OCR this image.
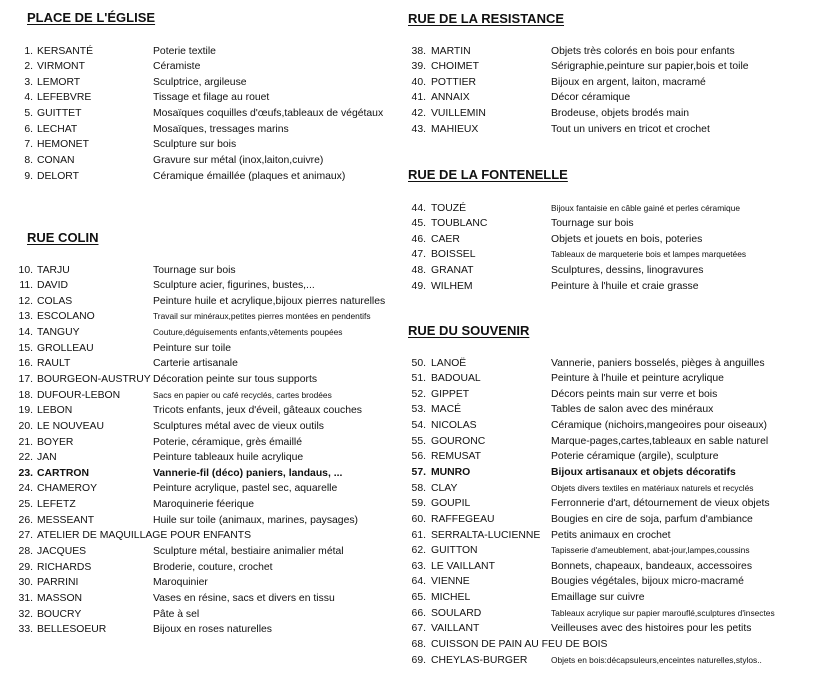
PLACE DE L'ÉGLISE
1. KERSANTÉ	Poterie textile
2. VIRMONT	Céramiste
3. LEMORT	Sculptrice, argileuse
4. LEFEBVRE	Tissage et filage au rouet
5. GUITTET	Mosaïques coquilles d'œufs,tableaux de végétaux
6. LECHAT	Mosaïques, tressages marins
7. HEMONET	Sculpture sur bois
8. CONAN	Gravure sur métal (inox,laiton,cuivre)
9. DELORT	Céramique émaillée (plaques et animaux)
RUE COLIN
10. TARJU	Tournage sur bois
11. DAVID	Sculpture acier, figurines, bustes,...
12. COLAS	Peinture huile et acrylique,bijoux pierres naturelles
13. ESCOLANO	Travail sur minéraux,petites pierres montées en pendentifs
14. TANGUY	Couture,déguisements enfants,vêtements poupées
15. GROLLEAU	Peinture sur toile
16. RAULT	Carterie artisanale
17. BOURGEON-AUSTRUY Décoration peinte sur tous supports
18. DUFOUR-LEBON	Sacs en papier ou café recyclés, cartes brodées
19. LEBON	Tricots enfants, jeux d'éveil, gâteaux couches
20. LE NOUVEAU	Sculptures métal avec de vieux outils
21. BOYER	Poterie, céramique, grès émaillé
22. JAN	Peinture tableaux huile acrylique
23. CARTRON	Vannerie-fil (déco) paniers, landaus, ...
24. CHAMEROY	Peinture acrylique, pastel sec, aquarelle
25. LEFETZ	Maroquinerie féerique
26. MESSEANT	Huile sur toile (animaux, marines, paysages)
27. ATELIER DE MAQUILLAGE POUR ENFANTS
28. JACQUES	Sculpture métal, bestiaire animalier métal
29. RICHARDS	Broderie, couture, crochet
30. PARRINI	Maroquinier
31. MASSON	Vases en résine, sacs et divers en tissu
32. BOUCRY	Pâte à sel
33. BELLESOEUR	Bijoux en roses naturelles
RUE DE LA RESISTANCE
38. MARTIN	Objets très colorés en bois pour enfants
39. CHOIMET	Sérigraphie,peinture sur papier,bois et toile
40. POTTIER	Bijoux en argent, laiton, macramé
41. ANNAIX	Décor céramique
42. VUILLEMIN	Brodeuse, objets brodés main
43. MAHIEUX	Tout un univers en tricot et crochet
RUE DE LA FONTENELLE
44. TOUZÉ	Bijoux fantaisie en câble gainé et perles céramique
45. TOUBLANC	Tournage sur bois
46. CAER	Objets et jouets en bois, poteries
47. BOISSEL	Tableaux de marqueterie bois et lampes marquetées
48. GRANAT	Sculptures, dessins, linogravures
49. WILHEM	Peinture à l'huile et craie grasse
RUE DU SOUVENIR
50. LANOË	Vannerie, paniers bosselés, pièges à anguilles
51. BADOUAL	Peinture à l'huile et peinture acrylique
52. GIPPET	Décors peints main sur verre et bois
53. MACÉ	Tables de salon avec des minéraux
54. NICOLAS	Céramique (nichoirs,mangeoires pour oiseaux)
55. GOURONC	Marque-pages,cartes,tableaux en sable naturel
56. REMUSAT	Poterie céramique (argile), sculpture
57. MUNRO	Bijoux artisanaux et objets décoratifs
58. CLAY	Objets divers textiles en matériaux naturels et recyclés
59. GOUPIL	Ferronnerie d'art, détournement de vieux objets
60. RAFFEGEAU	Bougies en cire de soja, parfum d'ambiance
61. SERRALTA-LUCIENNE Petits animaux en crochet
62. GUITTON	Tapisserie d'ameublement, abat-jour,lampes,coussins
63. LE VAILLANT	Bonnets, chapeaux, bandeaux, accessoires
64. VIENNE	Bougies végétales, bijoux micro-macramé
65. MICHEL	Emaillage sur cuivre
66. SOULARD	Tableaux acrylique sur papier marouflé,sculptures d'insectes
67. VAILLANT	Veilleuses avec des histoires pour les petits
68. CUISSON DE PAIN AU FEU DE BOIS
69. CHEYLAS-BURGER	Objets en bois:décapsuleurs,enceintes naturelles,stylos..
